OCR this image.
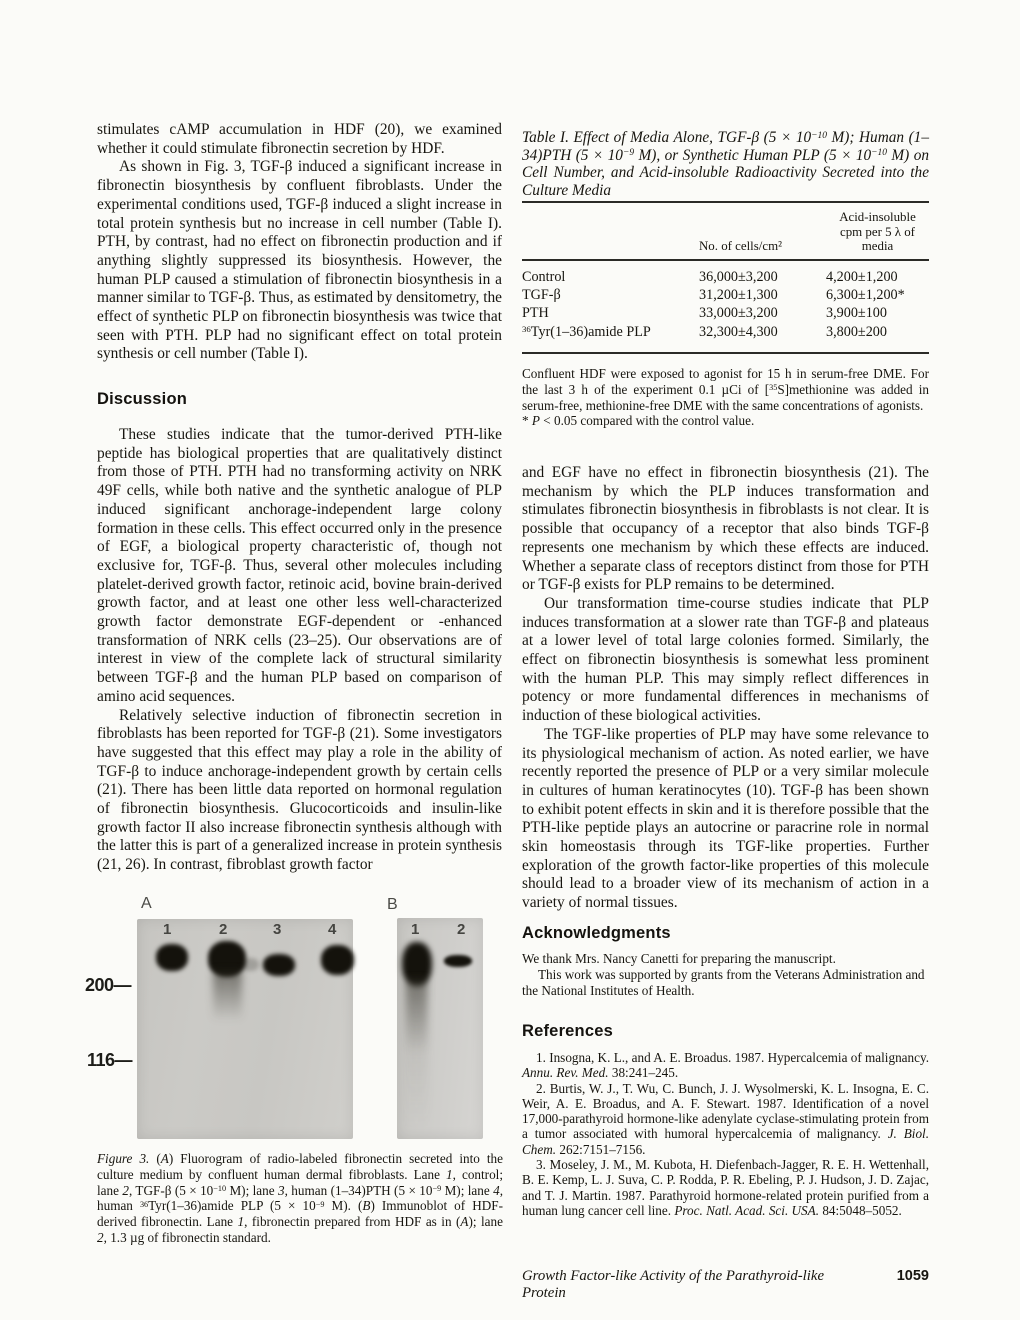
stimulates cAMP accumulation in HDF (20), we examined whether it could stimulate fibronectin secretion by HDF.

As shown in Fig. 3, TGF-β induced a significant increase in fibronectin biosynthesis by confluent fibroblasts. Under the experimental conditions used, TGF-β induced a slight increase in total protein synthesis but no increase in cell number (Table I). PTH, by contrast, had no effect on fibronectin production and if anything slightly suppressed its biosynthesis. However, the human PLP caused a stimulation of fibronectin biosynthesis in a manner similar to TGF-β. Thus, as estimated by densitometry, the effect of synthetic PLP on fibronectin biosynthesis was twice that seen with PTH. PLP had no significant effect on total protein synthesis or cell number (Table I).

Discussion

These studies indicate that the tumor-derived PTH-like peptide has biological properties that are qualitatively distinct from those of PTH. PTH had no transforming activity on NRK 49F cells, while both native and the synthetic analogue of PLP induced significant anchorage-independent large colony formation in these cells. This effect occurred only in the presence of EGF, a biological property characteristic of, though not exclusive for, TGF-β. Thus, several other molecules including platelet-derived growth factor, retinoic acid, bovine brain-derived growth factor, and at least one other less well-characterized growth factor demonstrate EGF-dependent or -enhanced transformation of NRK cells (23–25). Our observations are of interest in view of the complete lack of structural similarity between TGF-β and the human PLP based on comparison of amino acid sequences.

Relatively selective induction of fibronectin secretion in fibroblasts has been reported for TGF-β (21). Some investigators have suggested that this effect may play a role in the ability of TGF-β to induce anchorage-independent growth by certain cells (21). There has been little data reported on hormonal regulation of fibronectin biosynthesis. Glucocorticoids and insulin-like growth factor II also increase fibronectin synthesis although with the latter this is part of a generalized increase in protein synthesis (21, 26). In contrast, fibroblast growth factor

A	B
1	2	3	4	1	2
200—
116—
Figure 3. (A) Fluorogram of radio-labeled fibronectin secreted into the culture medium by confluent human dermal fibroblasts. Lane 1, control; lane 2, TGF-β ($5 \times 10^{-10}$ M); lane 3, human (1–34)PTH ($5 \times 10^{-9}$ M); lane 4, human $^{36}$Tyr(1–36)amide PLP ($5 \times 10^{-9}$ M). (B) Immunoblot of HDF-derived fibronectin. Lane 1, fibronectin prepared from HDF as in (A); lane 2, 1.3 µg of fibronectin standard.
Table I. Effect of Media Alone, TGF-β ($5 \times 10^{-10}$ M); Human (1–34)PTH ($5 \times 10^{-9}$ M), or Synthetic Human PLP ($5 \times 10^{-10}$ M) on Cell Number, and Acid-insoluble Radioactivity Secreted into the Culture Media
No. of cells/cm²
Acid-insoluble
cpm per 5 λ of
media
Control	36,000±3,200	4,200±1,200
TGF-β	31,200±1,300	6,300±1,200*
PTH	33,000±3,200	3,900±100
$^{36}$Tyr(1–36)amide PLP	32,300±4,300	3,800±200

Confluent HDF were exposed to agonist for 15 h in serum-free DME. For the last 3 h of the experiment 0.1 µCi of [$^{35}$S]methionine was added in serum-free, methionine-free DME with the same concentrations of agonists.

* P < 0.05 compared with the control value.

and EGF have no effect in fibronectin biosynthesis (21). The mechanism by which the PLP induces transformation and stimulates fibronectin biosynthesis in fibroblasts is not clear. It is possible that occupancy of a receptor that also binds TGF-β represents one mechanism by which these effects are induced. Whether a separate class of receptors distinct from those for PTH or TGF-β exists for PLP remains to be determined.

Our transformation time-course studies indicate that PLP induces transformation at a slower rate than TGF-β and plateaus at a lower level of total large colonies formed. Similarly, the effect on fibronectin biosynthesis is somewhat less prominent with the human PLP. This may simply reflect differences in potency or more fundamental differences in mechanisms of induction of these biological activities.

The TGF-like properties of PLP may have some relevance to its physiological mechanism of action. As noted earlier, we have recently reported the presence of PLP or a very similar molecule in cultures of human keratinocytes (10). TGF-β has been shown to exhibit potent effects in skin and it is therefore possible that the PTH-like peptide plays an autocrine or paracrine role in normal skin homeostasis through its TGF-like properties. Further exploration of the growth factor-like properties of this molecule should lead to a broader view of its mechanism of action in a variety of normal tissues.

Acknowledgments

We thank Mrs. Nancy Canetti for preparing the manuscript.

This work was supported by grants from the Veterans Administration and the National Institutes of Health.

References

1. Insogna, K. L., and A. E. Broadus. 1987. Hypercalcemia of malignancy. Annu. Rev. Med. 38:241–245.

2. Burtis, W. J., T. Wu, C. Bunch, J. J. Wysolmerski, K. L. Insogna, E. C. Weir, A. E. Broadus, and A. F. Stewart. 1987. Identification of a novel 17,000-parathyroid hormone-like adenylate cyclase-stimulating protein from a tumor associated with humoral hypercalcemia of malignancy. J. Biol. Chem. 262:7151–7156.

3. Moseley, J. M., M. Kubota, H. Diefenbach-Jagger, R. E. H. Wettenhall, B. E. Kemp, L. J. Suva, C. P. Rodda, P. R. Ebeling, P. J. Hudson, J. D. Zajac, and T. J. Martin. 1987. Parathyroid hormone-related protein purified from a human lung cancer cell line. Proc. Natl. Acad. Sci. USA. 84:5048–5052.

Growth Factor-like Activity of the Parathyroid-like Protein
1059
